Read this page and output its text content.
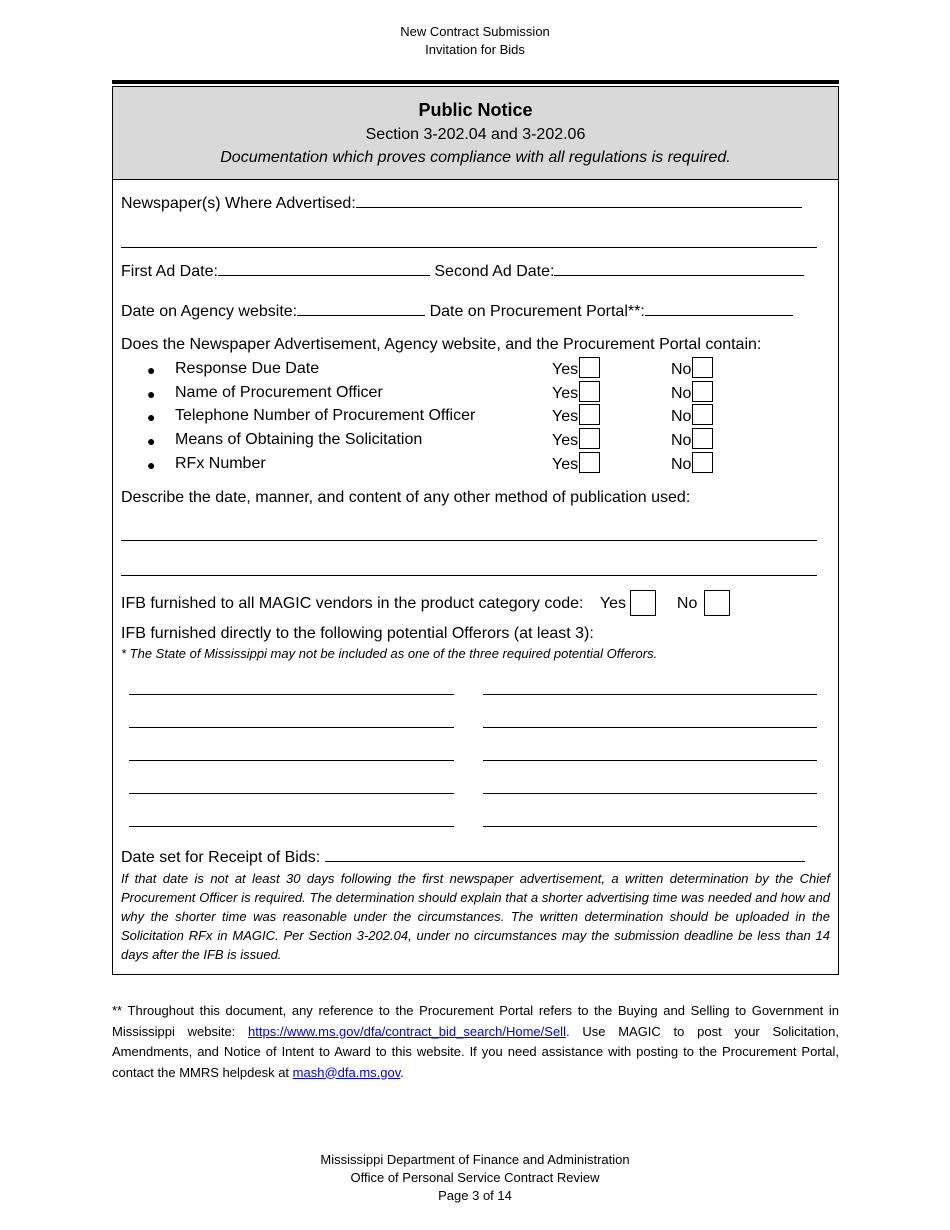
New Contract Submission
Invitation for Bids
Public Notice
Section 3-202.04 and 3-202.06
Documentation which proves compliance with all regulations is required.
Newspaper(s) Where Advertised:
First Ad Date:	Second Ad Date:
Date on Agency website:	Date on Procurement Portal**:
Does the Newspaper Advertisement, Agency website, and the Procurement Portal contain:
● Response Due Date	Yes	No
● Name of Procurement Officer	Yes	No
● Telephone Number of Procurement Officer	Yes	No
● Means of Obtaining the Solicitation	Yes	No
● RFx Number	Yes	No
Describe the date, manner, and content of any other method of publication used:
IFB furnished to all MAGIC vendors in the product category code: Yes	No
IFB furnished directly to the following potential Offerors (at least 3):
* The State of Mississippi may not be included as one of the three required potential Offerors.
Date set for Receipt of Bids:
If that date is not at least 30 days following the first newspaper advertisement, a written determination by the Chief Procurement Officer is required. The determination should explain that a shorter advertising time was needed and how and why the shorter time was reasonable under the circumstances. The written determination should be uploaded in the Solicitation RFx in MAGIC. Per Section 3-202.04, under no circumstances may the submission deadline be less than 14 days after the IFB is issued.
** Throughout this document, any reference to the Procurement Portal refers to the Buying and Selling to Government in Mississippi website: https://www.ms.gov/dfa/contract_bid_search/Home/Sell. Use MAGIC to post your Solicitation, Amendments, and Notice of Intent to Award to this website. If you need assistance with posting to the Procurement Portal, contact the MMRS helpdesk at mash@dfa.ms.gov.
Mississippi Department of Finance and Administration
Office of Personal Service Contract Review
Page 3 of 14
